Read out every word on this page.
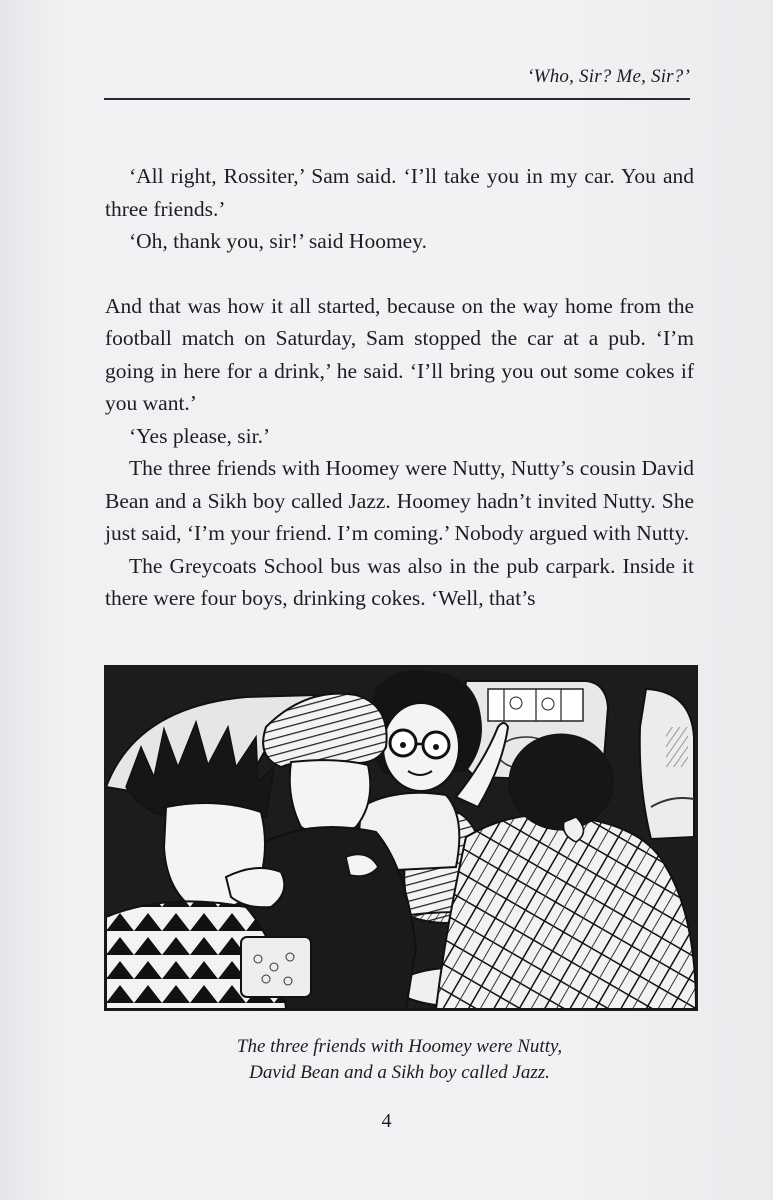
‘Who, Sir? Me, Sir?’

‘All right, Rossiter,’ Sam said. ‘I’ll take you in my car. You and three friends.’

‘Oh, thank you, sir!’ said Hoomey.

And that was how it all started, because on the way home from the football match on Saturday, Sam stopped the car at a pub. ‘I’m going in here for a drink,’ he said. ‘I’ll bring you out some cokes if you want.’

‘Yes please, sir.’

The three friends with Hoomey were Nutty, Nutty’s cousin David Bean and a Sikh boy called Jazz. Hoomey hadn’t invited Nutty. She just said, ‘I’m your friend. I’m coming.’ Nobody argued with Nutty.

The Greycoats School bus was also in the pub carpark. Inside it there were four boys, drinking cokes. ‘Well, that’s

The three friends with Hoomey were Nutty,
David Bean and a Sikh boy called Jazz.
4
